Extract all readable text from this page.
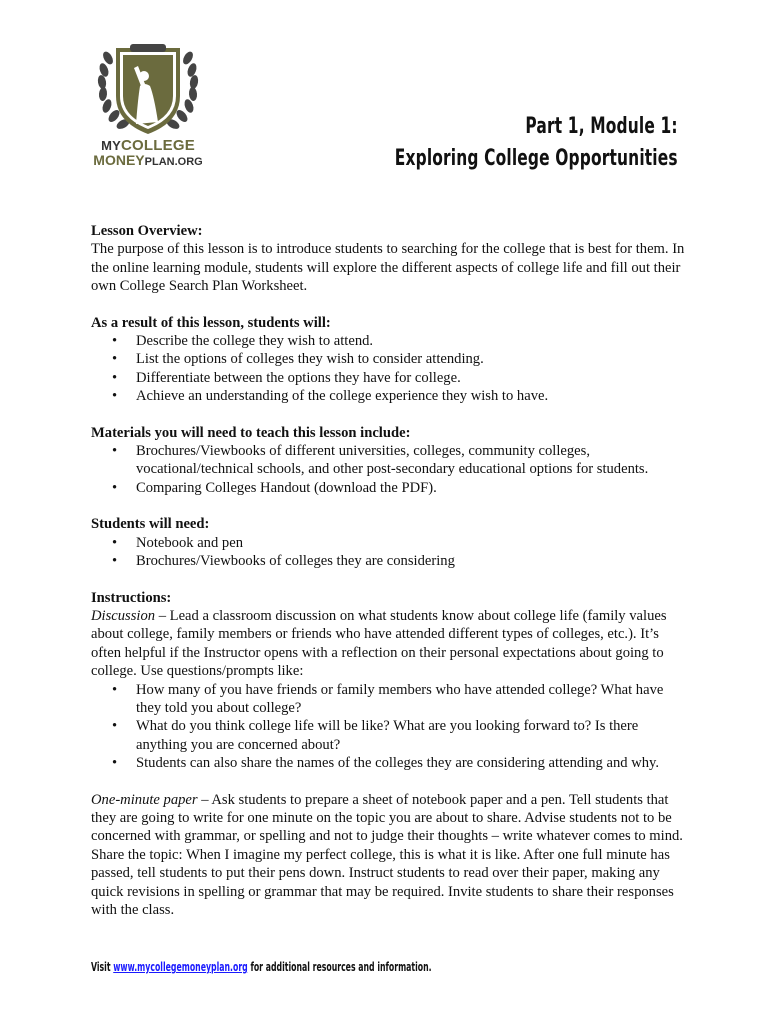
MYCOLLEGE
MONEYPLAN.ORG
Part 1, Module 1:
Exploring College Opportunities

Lesson Overview:

The purpose of this lesson is to introduce students to searching for the college that is best for them. In the online learning module, students will explore the different aspects of college life and fill out their own College Search Plan Worksheet.

As a result of this lesson, students will:

• Describe the college they wish to attend.
• List the options of colleges they wish to consider attending.
• Differentiate between the options they have for college.
• Achieve an understanding of the college experience they wish to have.

Materials you will need to teach this lesson include:

• Brochures/Viewbooks of different universities, colleges, community colleges, vocational/technical schools, and other post-secondary educational options for students.
• Comparing Colleges Handout (download the PDF).

Students will need:

• Notebook and pen
• Brochures/Viewbooks of colleges they are considering

Instructions:

Discussion – Lead a classroom discussion on what students know about college life (family values about college, family members or friends who have attended different types of colleges, etc.). It’s often helpful if the Instructor opens with a reflection on their personal expectations about going to college. Use questions/prompts like:

• How many of you have friends or family members who have attended college? What have they told you about college?
• What do you think college life will be like? What are you looking forward to? Is there anything you are concerned about?
• Students can also share the names of the colleges they are considering attending and why.

One-minute paper – Ask students to prepare a sheet of notebook paper and a pen. Tell students that they are going to write for one minute on the topic you are about to share. Advise students not to be concerned with grammar, or spelling and not to judge their thoughts – write whatever comes to mind. Share the topic: When I imagine my perfect college, this is what it is like. After one full minute has passed, tell students to put their pens down. Instruct students to read over their paper, making any quick revisions in spelling or grammar that may be required. Invite students to share their responses with the class.

Visit www.mycollegemoneyplan.org for additional resources and information.
